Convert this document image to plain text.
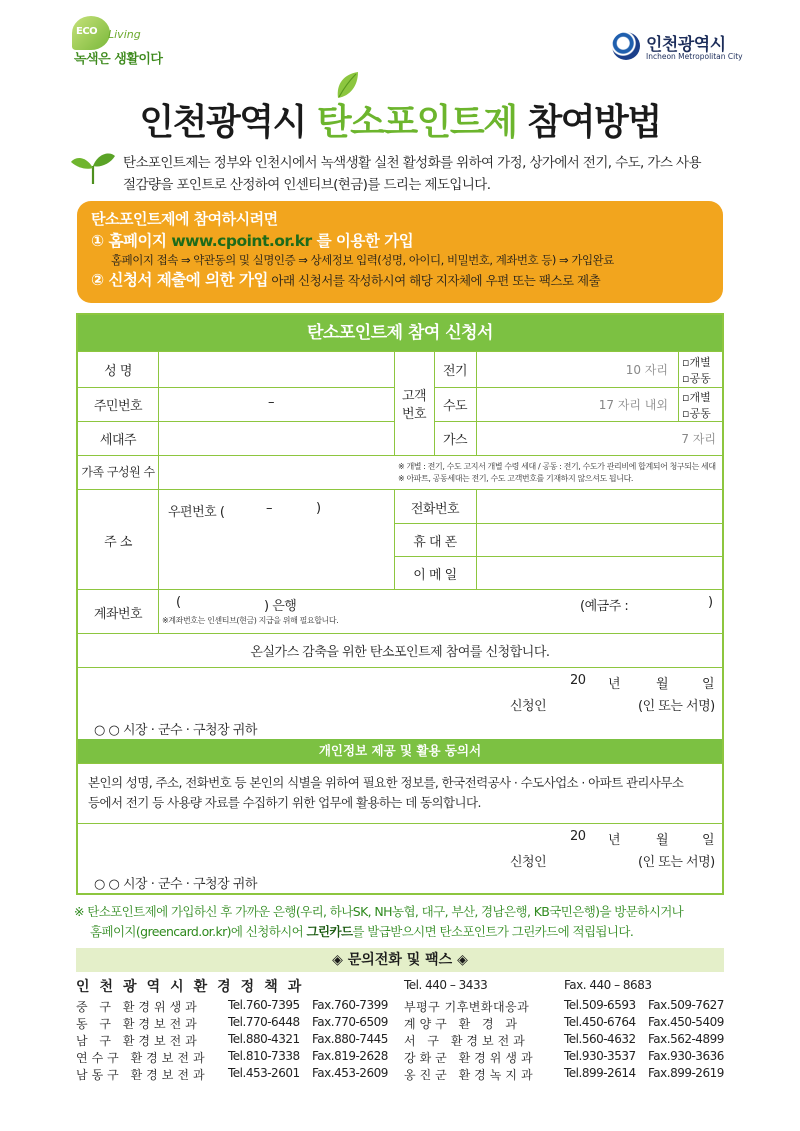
ECO Living
녹색은 생활이다
인천광역시
Incheon Metropolitan City
인천광역시 탄소포인트제 참여방법
탄소포인트제는 정부와 인천시에서 녹색생활 실천 활성화를 위하여 가정, 상가에서 전기, 수도, 가스 사용
절감량을 포인트로 산정하여 인센티브(현금)를 드리는 제도입니다.
탄소포인트제에 참여하시려면
① 홈페이지 www.cpoint.or.kr 를 이용한 가입
홈페이지 접속 ⇒ 약관동의 및 실명인증 ⇒ 상세정보 입력(성명, 아이디, 비밀번호, 계좌번호 등) ⇒ 가입완료
② 신청서 제출에 의한 가입 아래 신청서를 작성하시여 해당 지자체에 우편 또는 팩스로 제출
탄소포인트제 참여 신청서
성 명
주민번호	–
세대주
고객
번호
전기	10 자리
▫개별
▫공동
수도	17 자리 내외
▫개별
▫공동
가스	7 자리
가족 구성원 수	※ 개별 : 전기, 수도 고지서 개별 수령 세대 / 공동 : 전기, 수도가 관리비에 합계되어 청구되는 세대
※ 아파트, 공동세대는 전기, 수도 고객번호를 기재하지 않으셔도 됩니다.
주 소
우편번호 (	–	)	전화번호
휴 대 폰
이 메 일
계좌번호
(	) 은행	(예금주 :	)
※계좌번호는 인센티브(현금) 지급을 위해 필요합니다.
온실가스 감축을 위한 탄소포인트제 참여를 신청합니다.
20 년	월	일
신청인	(인 또는 서명)
○ ○ 시장 · 군수 · 구청장 귀하
개인정보 제공 및 활용 동의서
본인의 성명, 주소, 전화번호 등 본인의 식별을 위하여 필요한 정보를, 한국전력공사 · 수도사업소 · 아파트 관리사무소
등에서 전기 등 사용량 자료를 수집하기 위한 업무에 활용하는 데 동의합니다.
20 년	월	일
신청인	(인 또는 서명)
○ ○ 시장 · 군수 · 구청장 귀하
※ 탄소포인트제에 가입하신 후 가까운 은행(우리, 하나SK, NH농협, 대구, 부산, 경남은행, KB국민은행)을 방문하시거나
홈페이지(greencard.or.kr)에 신청하시어 그린카드를 발급받으시면 탄소포인트가 그린카드에 적립됩니다.
◈ 문의전화 및 팩스 ◈
인천광역시환경정책과	Tel. 440 – 3433	Fax. 440 – 8683
중 구 환경위생과 Tel.760-7395 Fax.760-7399
동 구 환경보전과 Tel.770-6448 Fax.770-6509
남 구 환경보전과 Tel.880-4321 Fax.880-7445
연수구 환경보전과 Tel.810-7338 Fax.819-2628
남동구 환경보전과 Tel.453-2601 Fax.453-2609
부평구 기후변화대응과	Tel.509-6593 Fax.509-7627
계양구 환 경 과	Tel.450-6764 Fax.450-5409
서 구 환경보전과	Tel.560-4632 Fax.562-4899
강화군 환경위생과 Tel.930-3537 Fax.930-3636
옹진군 환경녹지과 Tel.899-2614 Fax.899-2619
